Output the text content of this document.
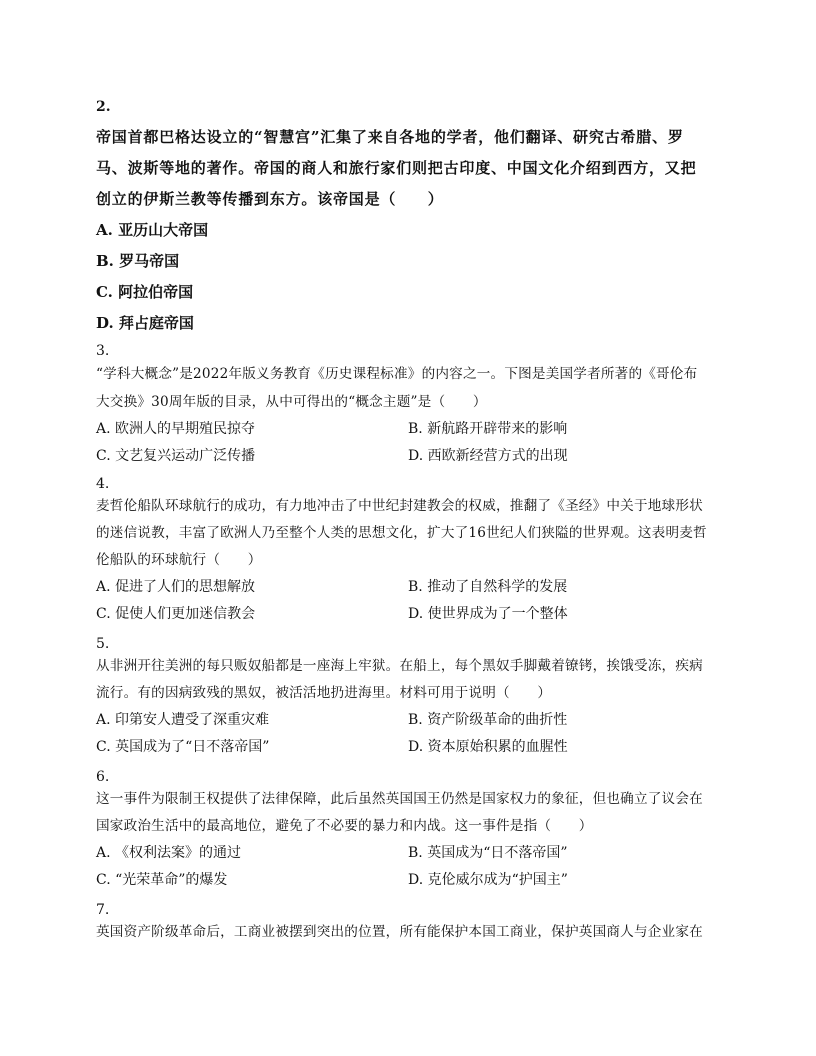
2.
帝国首都巴格达设立的“智慧宫”汇集了来自各地的学者，他们翻译、研究古希腊、罗
马、波斯等地的著作。帝国的商人和旅行家们则把古印度、中国文化介绍到西方，又把
创立的伊斯兰教等传播到东方。该帝国是（　　）
A. 亚历山大帝国
B. 罗马帝国
C. 阿拉伯帝国
D. 拜占庭帝国
3.
“学科大概念”是2022年版义务教育《历史课程标准》的内容之一。下图是美国学者所著的《哥伦布
大交换》30周年版的目录，从中可得出的“概念主题”是（　　）
A. 欧洲人的早期殖民掠夺	B. 新航路开辟带来的影响
C. 文艺复兴运动广泛传播	D. 西欧新经营方式的出现
4.
麦哲伦船队环球航行的成功，有力地冲击了中世纪封建教会的权威，推翻了《圣经》中关于地球形状
的迷信说教，丰富了欧洲人乃至整个人类的思想文化，扩大了16世纪人们狭隘的世界观。这表明麦哲
伦船队的环球航行（　　）
A. 促进了人们的思想解放	B. 推动了自然科学的发展
C. 促使人们更加迷信教会	D. 使世界成为了一个整体
5.
从非洲开往美洲的每只贩奴船都是一座海上牢狱。在船上，每个黑奴手脚戴着镣铐，挨饿受冻，疾病
流行。有的因病致残的黑奴，被活活地扔进海里。材料可用于说明（　　）
A. 印第安人遭受了深重灾难	B. 资产阶级革命的曲折性
C. 英国成为了“日不落帝国”	D. 资本原始积累的血腥性
6.
这一事件为限制王权提供了法律保障，此后虽然英国国王仍然是国家权力的象征，但也确立了议会在
国家政治生活中的最高地位，避免了不必要的暴力和内战。这一事件是指（　　）
A. 《权利法案》的通过	B. 英国成为“日不落帝国”
C. “光荣革命”的爆发	D. 克伦威尔成为“护国主”
7.
英国资产阶级革命后，工商业被摆到突出的位置，所有能保护本国工商业，保护英国商人与企业家在
